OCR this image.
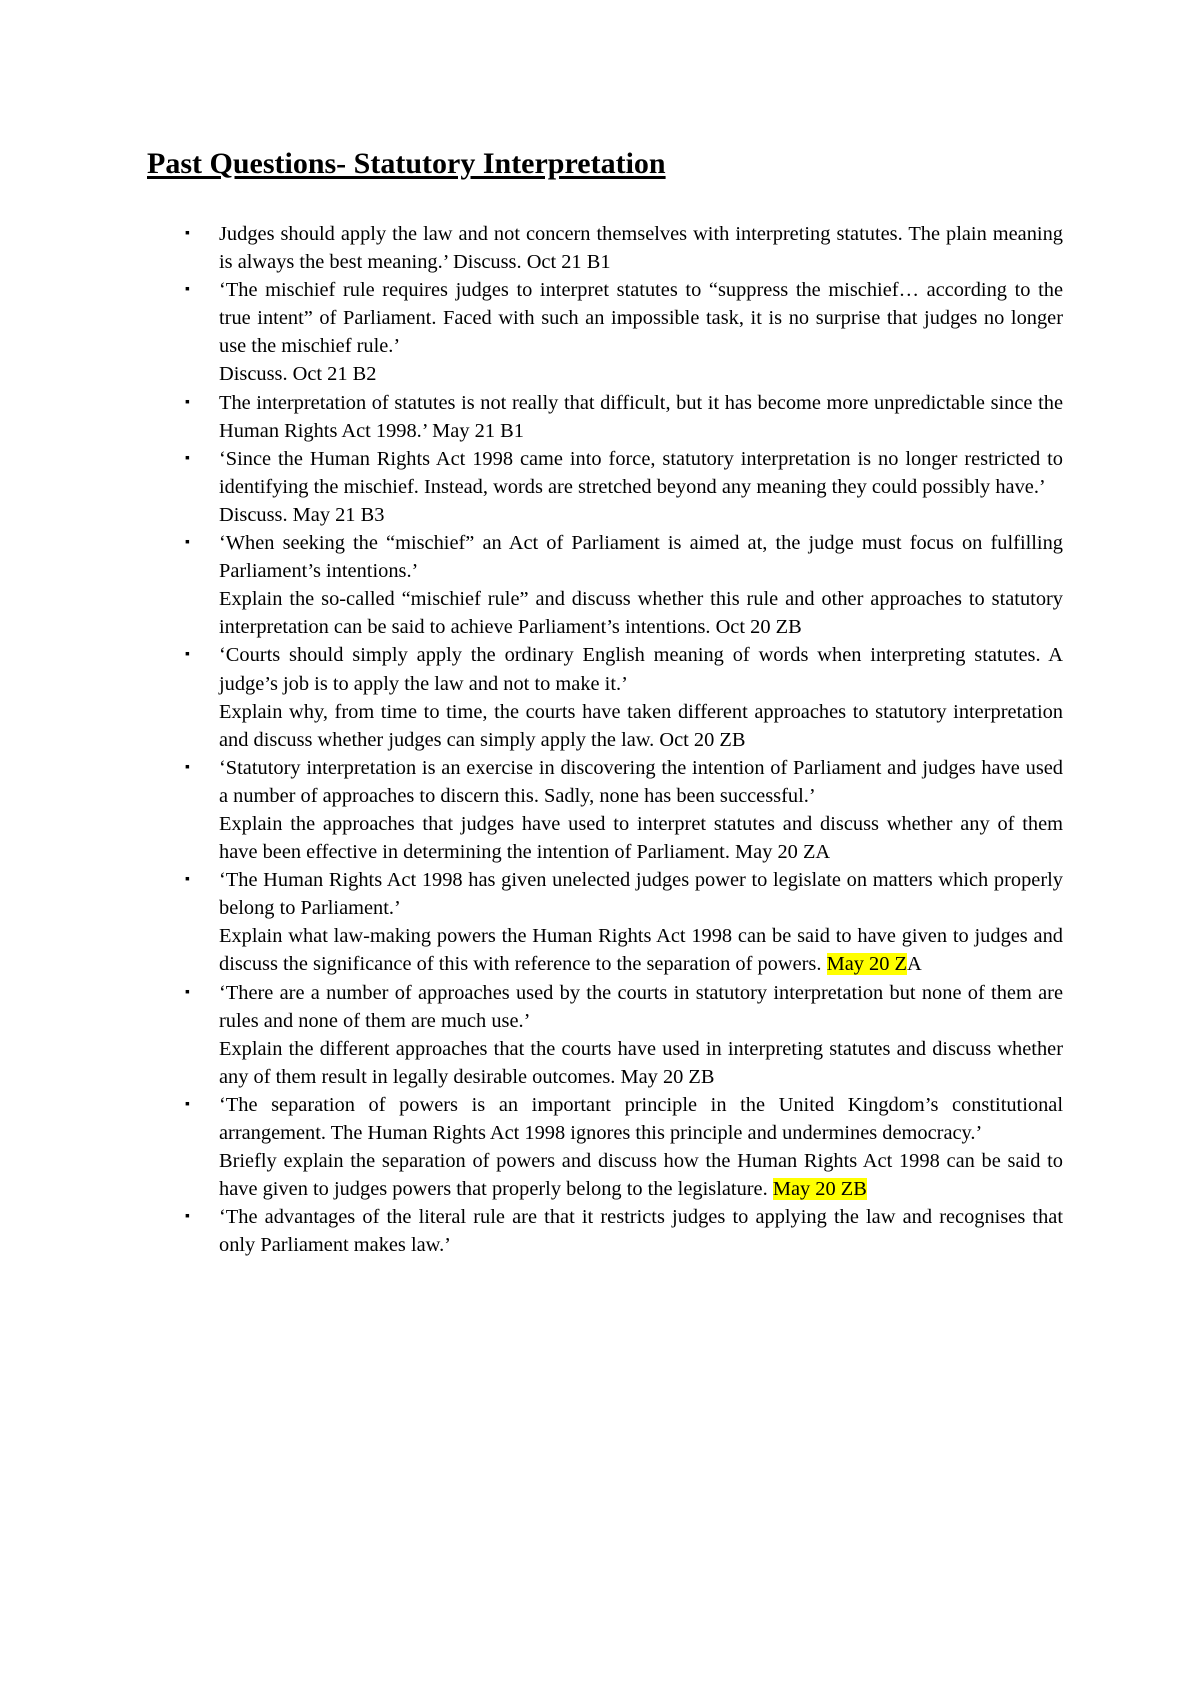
Past Questions- Statutory Interpretation
▪ Judges should apply the law and not concern themselves with interpreting statutes. The plain meaning is always the best meaning.’ Discuss. Oct 21 B1
▪ ‘The mischief rule requires judges to interpret statutes to “suppress the mischief… according to the true intent” of Parliament. Faced with such an impossible task, it is no surprise that judges no longer use the mischief rule.’
Discuss. Oct 21 B2
▪ The interpretation of statutes is not really that difficult, but it has become more unpredictable since the Human Rights Act 1998.’ May 21 B1
▪ ‘Since the Human Rights Act 1998 came into force, statutory interpretation is no longer restricted to identifying the mischief. Instead, words are stretched beyond any meaning they could possibly have.’
Discuss. May 21 B3
▪ ‘When seeking the “mischief” an Act of Parliament is aimed at, the judge must focus on fulfilling Parliament’s intentions.’
Explain the so-called “mischief rule” and discuss whether this rule and other approaches to statutory interpretation can be said to achieve Parliament’s intentions. Oct 20 ZB
▪ ‘Courts should simply apply the ordinary English meaning of words when interpreting statutes. A judge’s job is to apply the law and not to make it.’
Explain why, from time to time, the courts have taken different approaches to statutory interpretation and discuss whether judges can simply apply the law. Oct 20 ZB
▪ ‘Statutory interpretation is an exercise in discovering the intention of Parliament and judges have used a number of approaches to discern this. Sadly, none has been successful.’
Explain the approaches that judges have used to interpret statutes and discuss whether any of them have been effective in determining the intention of Parliament. May 20 ZA
▪ ‘The Human Rights Act 1998 has given unelected judges power to legislate on matters which properly belong to Parliament.’
Explain what law-making powers the Human Rights Act 1998 can be said to have given to judges and discuss the significance of this with reference to the separation of powers. May 20 ZA
▪ ‘There are a number of approaches used by the courts in statutory interpretation but none of them are rules and none of them are much use.’
Explain the different approaches that the courts have used in interpreting statutes and discuss whether any of them result in legally desirable outcomes. May 20 ZB
▪ ‘The separation of powers is an important principle in the United Kingdom’s constitutional arrangement. The Human Rights Act 1998 ignores this principle and undermines democracy.’
Briefly explain the separation of powers and discuss how the Human Rights Act 1998 can be said to have given to judges powers that properly belong to the legislature. May 20 ZB
▪ ‘The advantages of the literal rule are that it restricts judges to applying the law and recognises that only Parliament makes law.’
